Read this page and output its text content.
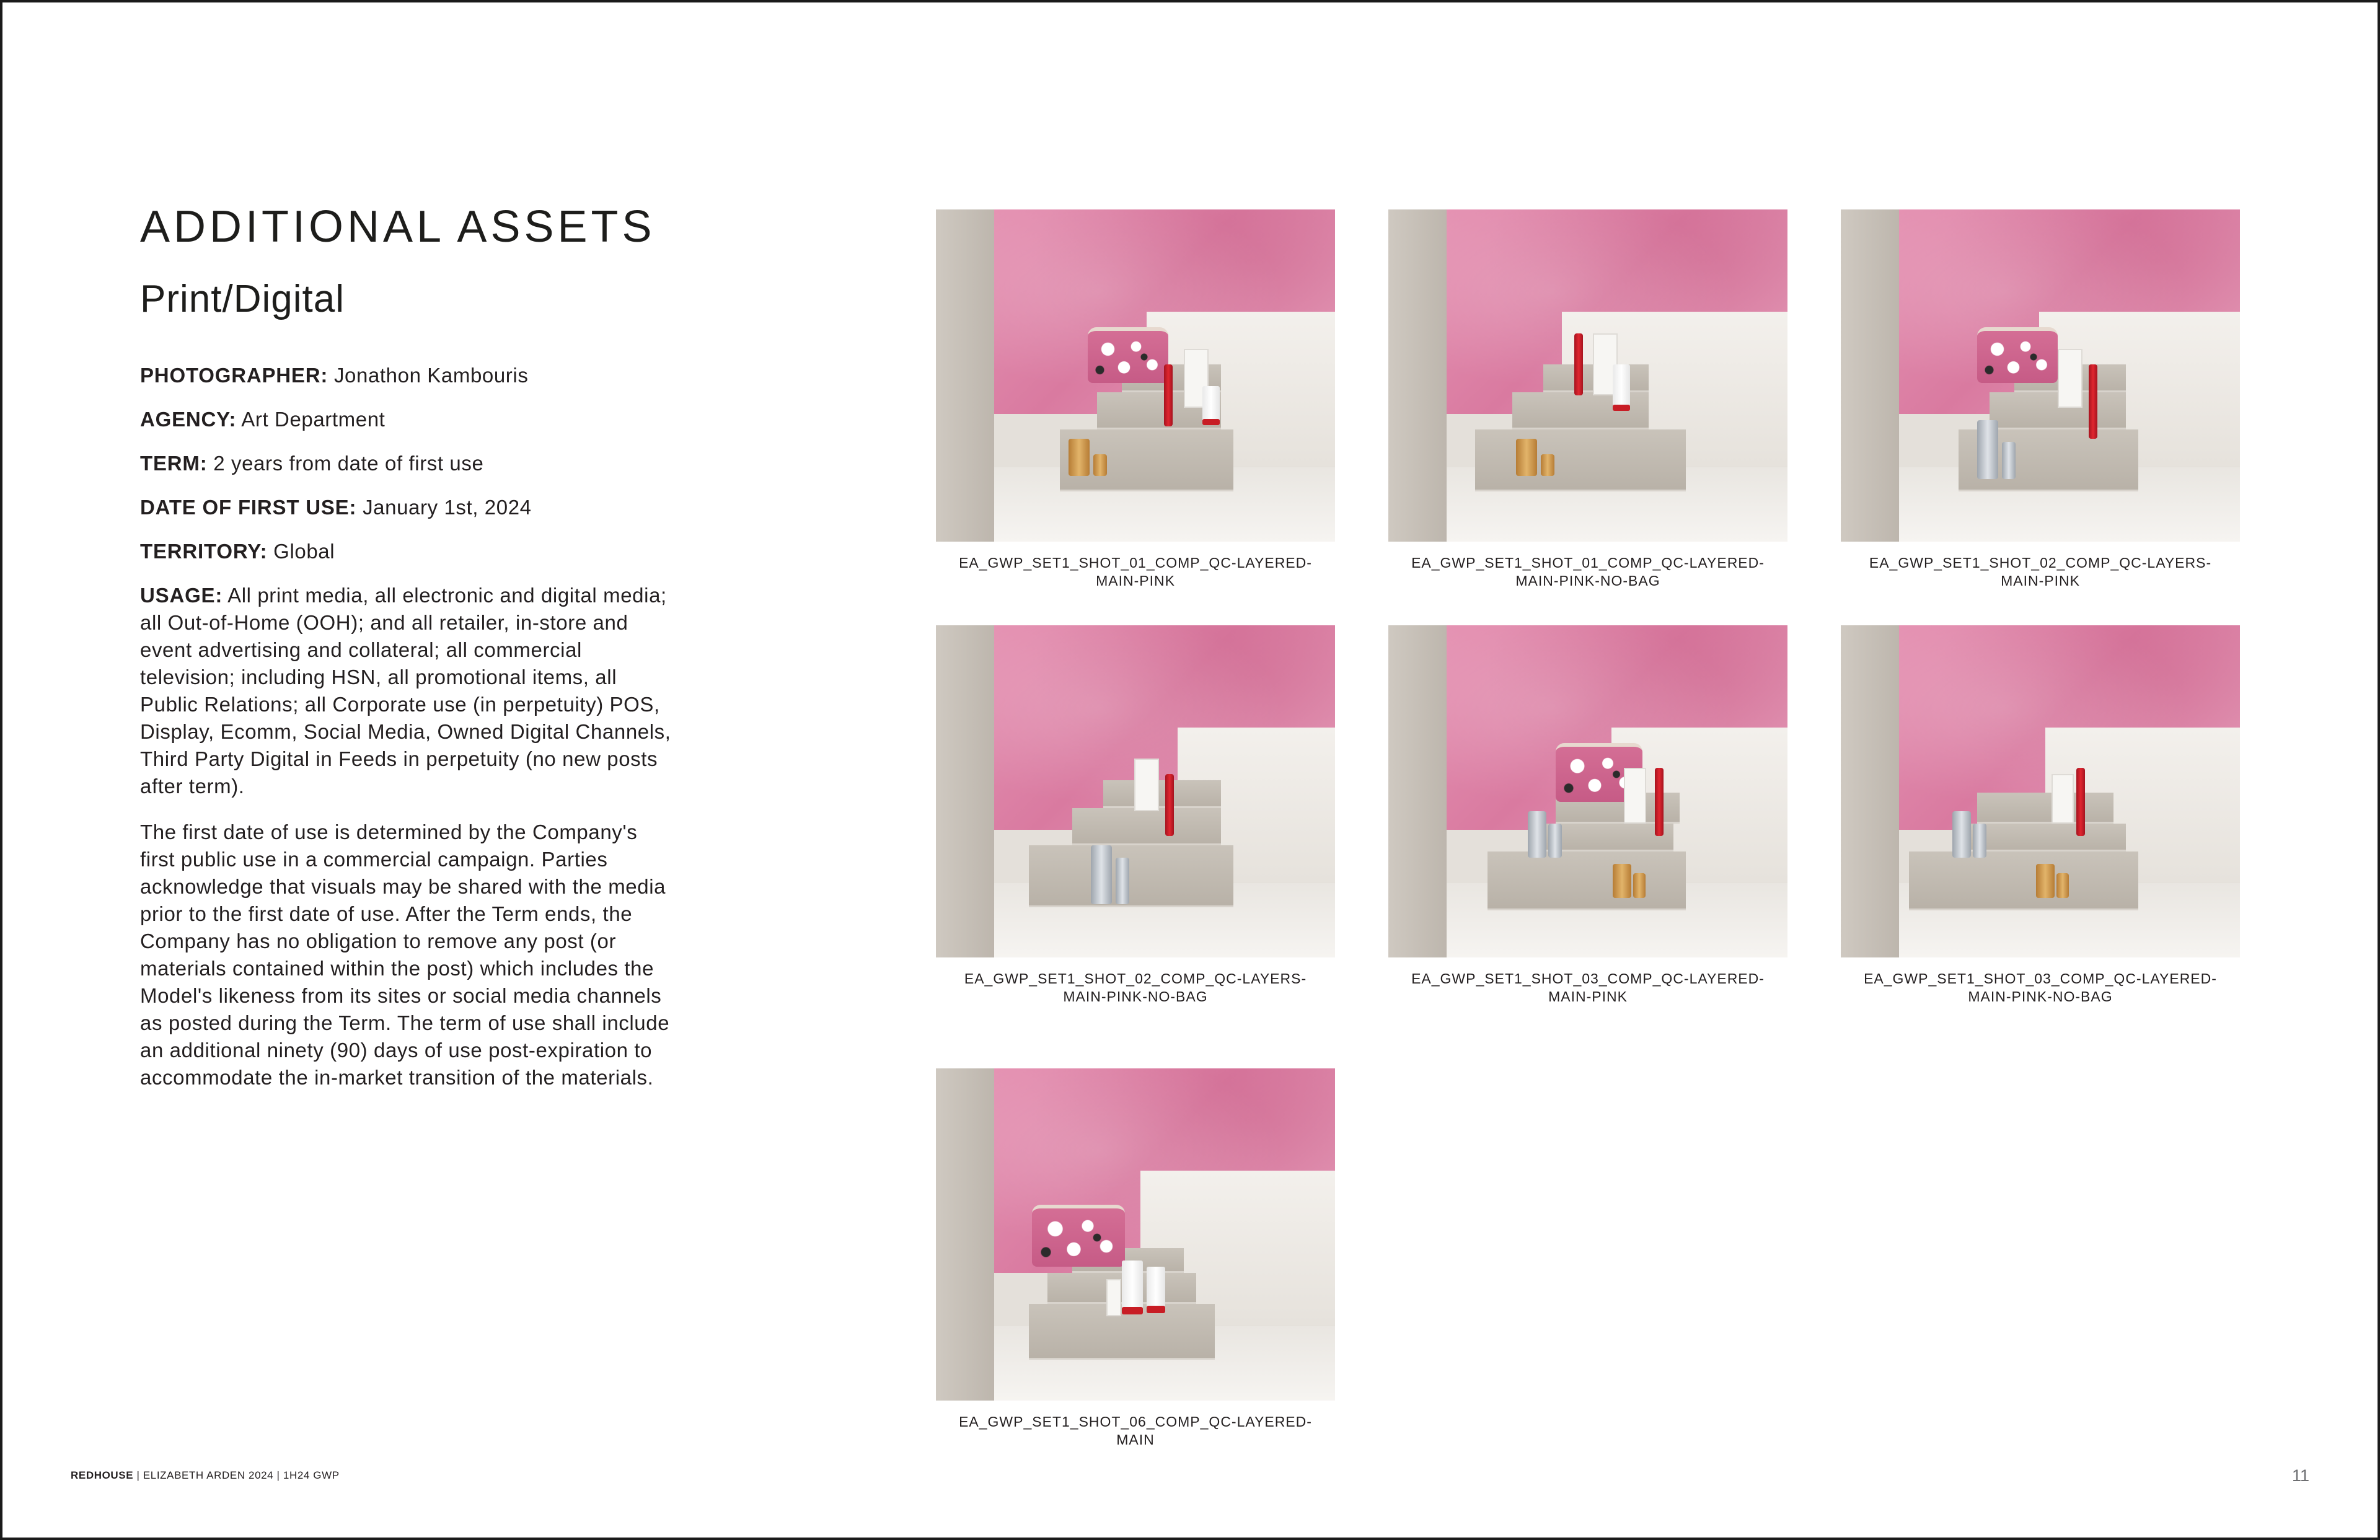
ADDITIONAL ASSETS
Print/Digital

PHOTOGRAPHER: Jonathon Kambouris

AGENCY: Art Department

TERM: 2 years from date of first use

DATE OF FIRST USE: January 1st, 2024

TERRITORY: Global

USAGE: All print media, all electronic and digital media; all Out-of-Home (OOH); and all retailer, in-store and event advertising and collateral; all commercial television; including HSN, all promotional items, all Public Relations; all Corporate use (in perpetuity) POS, Display, Ecomm, Social Media, Owned Digital Channels, Third Party Digital in Feeds in perpetuity (no new posts after term).

The first date of use is determined by the Company's first public use in a commercial campaign. Parties acknowledge that visuals may be shared with the media prior to the first date of use. After the Term ends, the Company has no obligation to remove any post (or materials contained within the post) which includes the Model's likeness from its sites or social media channels as posted during the Term. The term of use shall include an additional ninety (90) days of use post-expiration to accommodate the in-market transition of the materials.

EA_GWP_SET1_SHOT_01_COMP_QC-LAYERED-MAIN-PINK

EA_GWP_SET1_SHOT_01_COMP_QC-LAYERED-MAIN-PINK-NO-BAG

EA_GWP_SET1_SHOT_02_COMP_QC-LAYERS-MAIN-PINK

EA_GWP_SET1_SHOT_02_COMP_QC-LAYERS-MAIN-PINK-NO-BAG

EA_GWP_SET1_SHOT_03_COMP_QC-LAYERED-MAIN-PINK

EA_GWP_SET1_SHOT_03_COMP_QC-LAYERED-MAIN-PINK-NO-BAG

EA_GWP_SET1_SHOT_06_COMP_QC-LAYERED-MAIN

REDHOUSE | ELIZABETH ARDEN 2024 | 1H24 GWP	11
